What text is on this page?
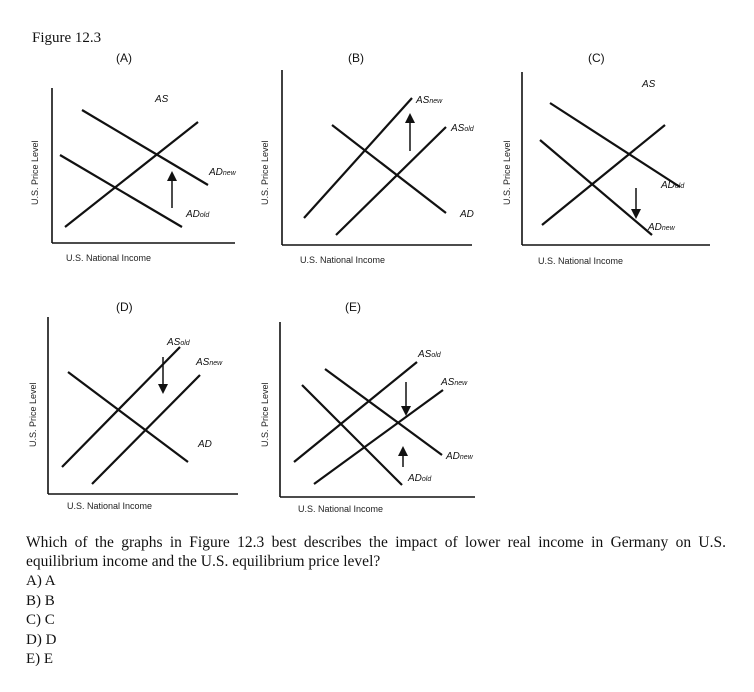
Figure 12.3
(A)
U.S. Price Level
U.S. National Income
AS
ADnew
ADold
(B)
U.S. Price Level
U.S. National Income
ASnew
ASold
AD
(C)
U.S. Price Level
U.S. National Income
AS
ADold
ADnew
(D)
U.S. Price Level
U.S. National Income
ASold
ASnew
AD
(E)
U.S. Price Level
U.S. National Income
ASold
ASnew
ADnew
ADold
Which of the graphs in Figure 12.3 best describes the impact of lower real income in Germany on U.S. equilibrium income and the U.S. equilibrium price level?
A) A
B) B
C) C
D) D
E) E
